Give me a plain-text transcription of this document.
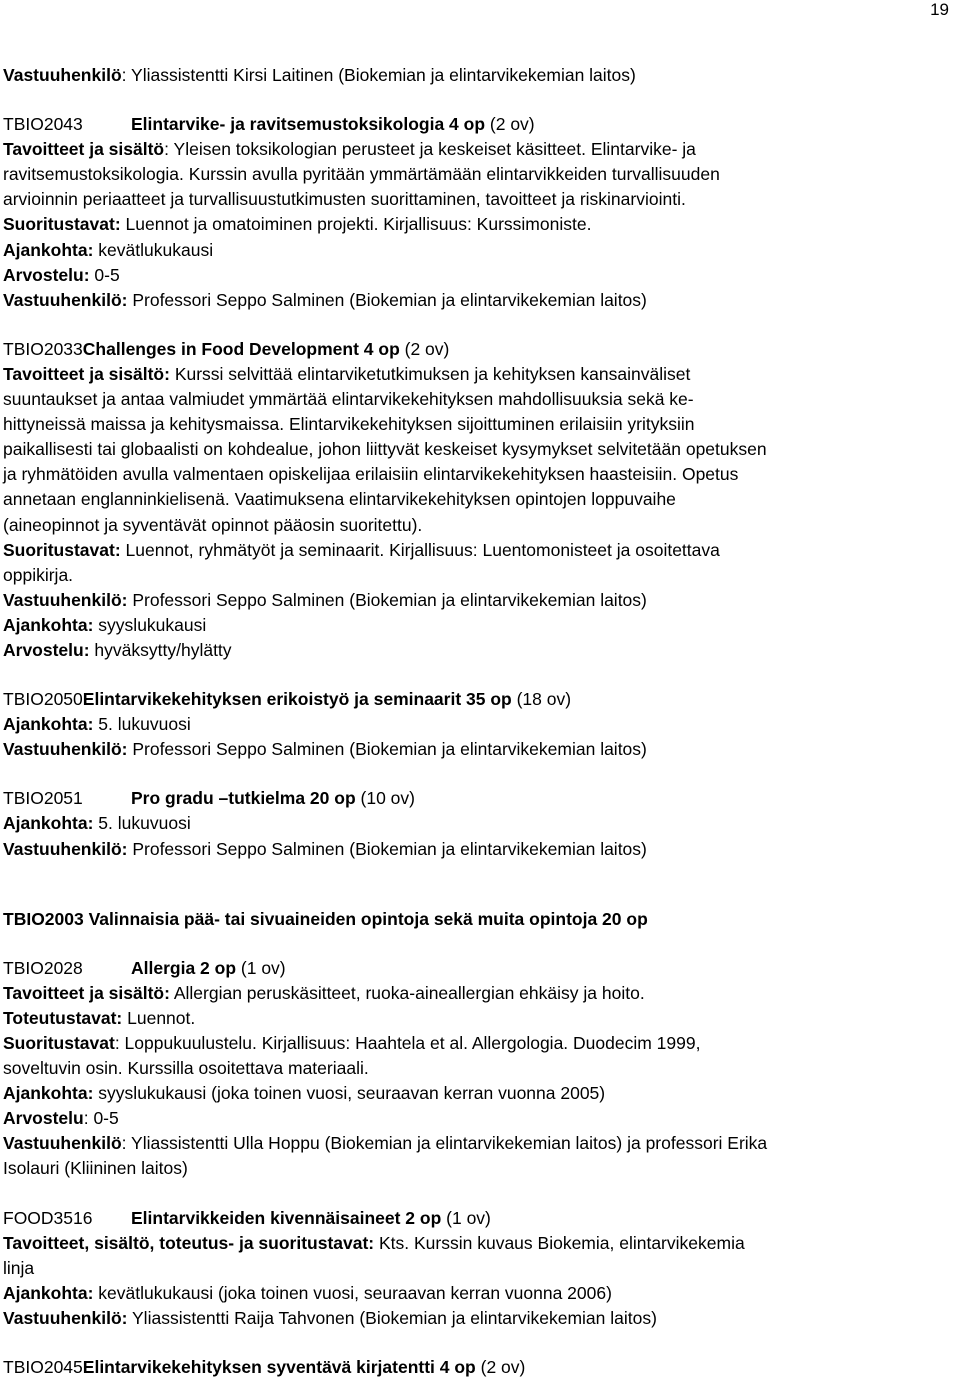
19
Vastuuhenkilö: Yliassistentti Kirsi Laitinen (Biokemian ja elintarvikekemian laitos)
TBIO2043	Elintarvike- ja ravitsemustoksikologia 4 op (2 ov)
Tavoitteet ja sisältö: Yleisen toksikologian perusteet ja keskeiset käsitteet. Elintarvike- ja
ravitsemustoksikologia. Kurssin avulla pyritään ymmärtämään elintarvikkeiden turvallisuuden
arvioinnin periaatteet ja turvallisuustutkimusten suorittaminen, tavoitteet ja riskinarviointi.
Suoritustavat: Luennot ja omatoiminen projekti. Kirjallisuus: Kurssimoniste.
Ajankohta: kevätlukukausi
Arvostelu: 0-5
Vastuuhenkilö: Professori Seppo Salminen (Biokemian ja elintarvikekemian laitos)
TBIO2033Challenges in Food Development 4 op (2 ov)
Tavoitteet ja sisältö: Kurssi selvittää elintarviketutkimuksen ja kehityksen kansainväliset
suuntaukset ja antaa valmiudet ymmärtää elintarvikekehityksen mahdollisuuksia sekä ke-
hittyneissä maissa ja kehitysmaissa. Elintarvikekehityksen sijoittuminen erilaisiin yrityksiin
paikallisesti tai globaalisti on kohdealue, johon liittyvät keskeiset kysymykset selvitetään opetuksen
ja ryhmätöiden avulla valmentaen opiskelijaa erilaisiin elintarvikekehityksen haasteisiin. Opetus
annetaan englanninkielisenä. Vaatimuksena elintarvikekehityksen opintojen loppuvaihe
(aineopinnot ja syventävät opinnot pääosin suoritettu).
Suoritustavat: Luennot, ryhmätyöt ja seminaarit. Kirjallisuus: Luentomonisteet ja osoitettava
oppikirja.
Vastuuhenkilö: Professori Seppo Salminen (Biokemian ja elintarvikekemian laitos)
Ajankohta: syyslukukausi
Arvostelu: hyväksytty/hylätty
TBIO2050Elintarvikekehityksen erikoistyö ja seminaarit 35 op (18 ov)
Ajankohta: 5. lukuvuosi
Vastuuhenkilö: Professori Seppo Salminen (Biokemian ja elintarvikekemian laitos)
TBIO2051	Pro gradu –tutkielma 20 op (10 ov)
Ajankohta: 5. lukuvuosi
Vastuuhenkilö: Professori Seppo Salminen (Biokemian ja elintarvikekemian laitos)
TBIO2003 Valinnaisia pää- tai sivuaineiden opintoja sekä muita opintoja 20 op
TBIO2028	Allergia 2 op (1 ov)
Tavoitteet ja sisältö: Allergian peruskäsitteet, ruoka-aineallergian ehkäisy ja hoito.
Toteutustavat: Luennot.
Suoritustavat: Loppukuulustelu. Kirjallisuus: Haahtela et al. Allergologia. Duodecim 1999,
soveltuvin osin. Kurssilla osoitettava materiaali.
Ajankohta: syyslukukausi (joka toinen vuosi, seuraavan kerran vuonna 2005)
Arvostelu: 0-5
Vastuuhenkilö: Yliassistentti Ulla Hoppu (Biokemian ja elintarvikekemian laitos) ja professori Erika
Isolauri (Kliininen laitos)
FOOD3516 Elintarvikkeiden kivennäisaineet 2 op (1 ov)
Tavoitteet, sisältö, toteutus- ja suoritustavat: Kts. Kurssin kuvaus Biokemia, elintarvikekemia
linja
Ajankohta: kevätlukukausi (joka toinen vuosi, seuraavan kerran vuonna 2006)
Vastuuhenkilö: Yliassistentti Raija Tahvonen (Biokemian ja elintarvikekemian laitos)
TBIO2045Elintarvikekehityksen syventävä kirjatentti 4 op (2 ov)
